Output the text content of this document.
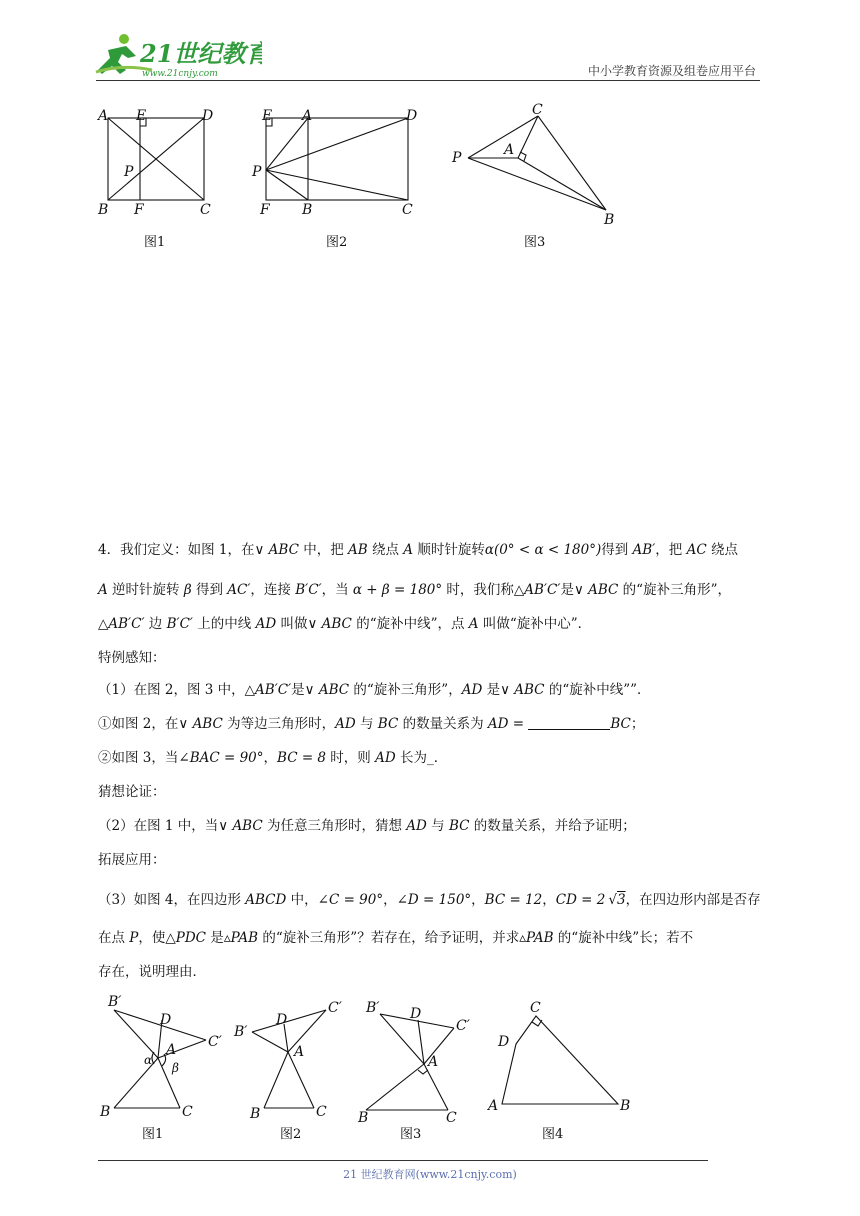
21世纪教育
www.21cnjy.com	中小学教育资源及组卷应用平台
A E	D
P
B F	C
图1
E A	D
P
F B	C
图2
C
P	A
B
图3
4．我们定义：如图 1，在∨ ABC 中，把 AB 绕点 A 顺时针旋转α(0° < α < 180°)得到 AB′，把 AC 绕点
A 逆时针旋转 β 得到 AC′，连接 B′C′，当 α + β = 180° 时，我们称△AB′C′是∨ ABC 的“旋补三角形”，
△AB′C′ 边 B′C′ 上的中线 AD 叫做∨ ABC 的“旋补中线”，点 A 叫做“旋补中心”．
特例感知：
（1）在图 2，图 3 中，△AB′C′是∨ ABC 的“旋补三角形”，AD 是∨ ABC 的“旋补中线””．
①如图 2，在∨ ABC 为等边三角形时，AD 与 BC 的数量关系为 AD =	BC；
②如图 3，当∠BAC = 90°，BC = 8 时，则 AD 长为_．
猜想论证：
（2）在图 1 中，当∨ ABC 为任意三角形时，猜想 AD 与 BC 的数量关系，并给予证明；
拓展应用：
（3）如图 4，在四边形 ABCD 中，∠C = 90°，∠D = 150°，BC = 12，CD = 2 √3，在四边形内部是否存
在点 P，使△PDC 是▵PAB 的“旋补三角形”？若存在，给予证明，并求▵PAB 的“旋补中线”长；若不
存在，说明理由．
B′
D
C′
A
α
β
B	C
图1
B′
D
C′
A
B	C
图2
B′ D
C′
A
B	C
图3
C
D
A	B
图4
21 世纪教育网(www.21cnjy.com)
